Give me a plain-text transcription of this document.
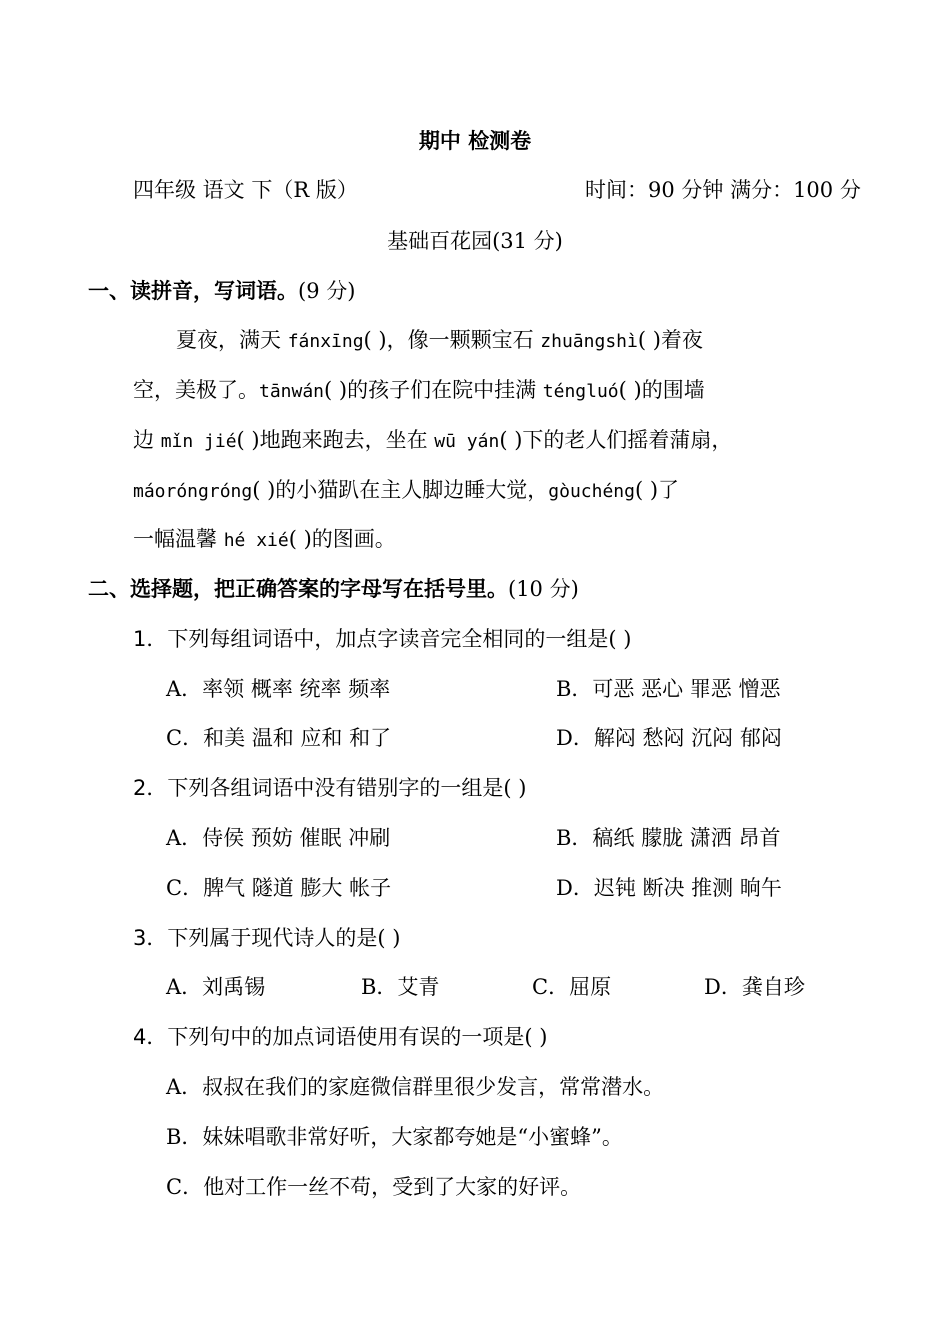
期中 检测卷
四年级 语文 下（R 版）	时间：90 分钟 满分：100 分
基础百花园(31 分)
一、读拼音，写词语。(9 分)
夏夜，满天 fánxīng( )，像一颗颗宝石 zhuāngshì( )着夜
空，美极了。tānwán( )的孩子们在院中挂满 téngluó( )的围墙
边 mǐn jié( )地跑来跑去，坐在 wū yán( )下的老人们摇着蒲扇，
máoróngróng( )的小猫趴在主人脚边睡大觉，gòuchéng( )了
一幅温馨 hé xié( )的图画。
二、选择题，把正确答案的字母写在括号里。(10 分)
1．下列每组词语中，加点字读音完全相同的一组是( )
A．率领 概率 统率 频率	B．可恶 恶心 罪恶 憎恶
C．和美 温和 应和 和了	D．解闷 愁闷 沉闷 郁闷
2．下列各组词语中没有错别字的一组是( )
A．侍侯 预妨 催眠 冲刷	B．稿纸 朦胧 潇洒 昂首
C．脾气 隧道 膨大 帐子	D．迟钝 断决 推测 晌午
3．下列属于现代诗人的是( )
A．刘禹锡	B．艾青	C．屈原	D．龚自珍
4．下列句中的加点词语使用有误的一项是( )
A．叔叔在我们的家庭微信群里很少发言，常常潜水。
B．妹妹唱歌非常好听，大家都夸她是“小蜜蜂”。
C．他对工作一丝不苟，受到了大家的好评。
